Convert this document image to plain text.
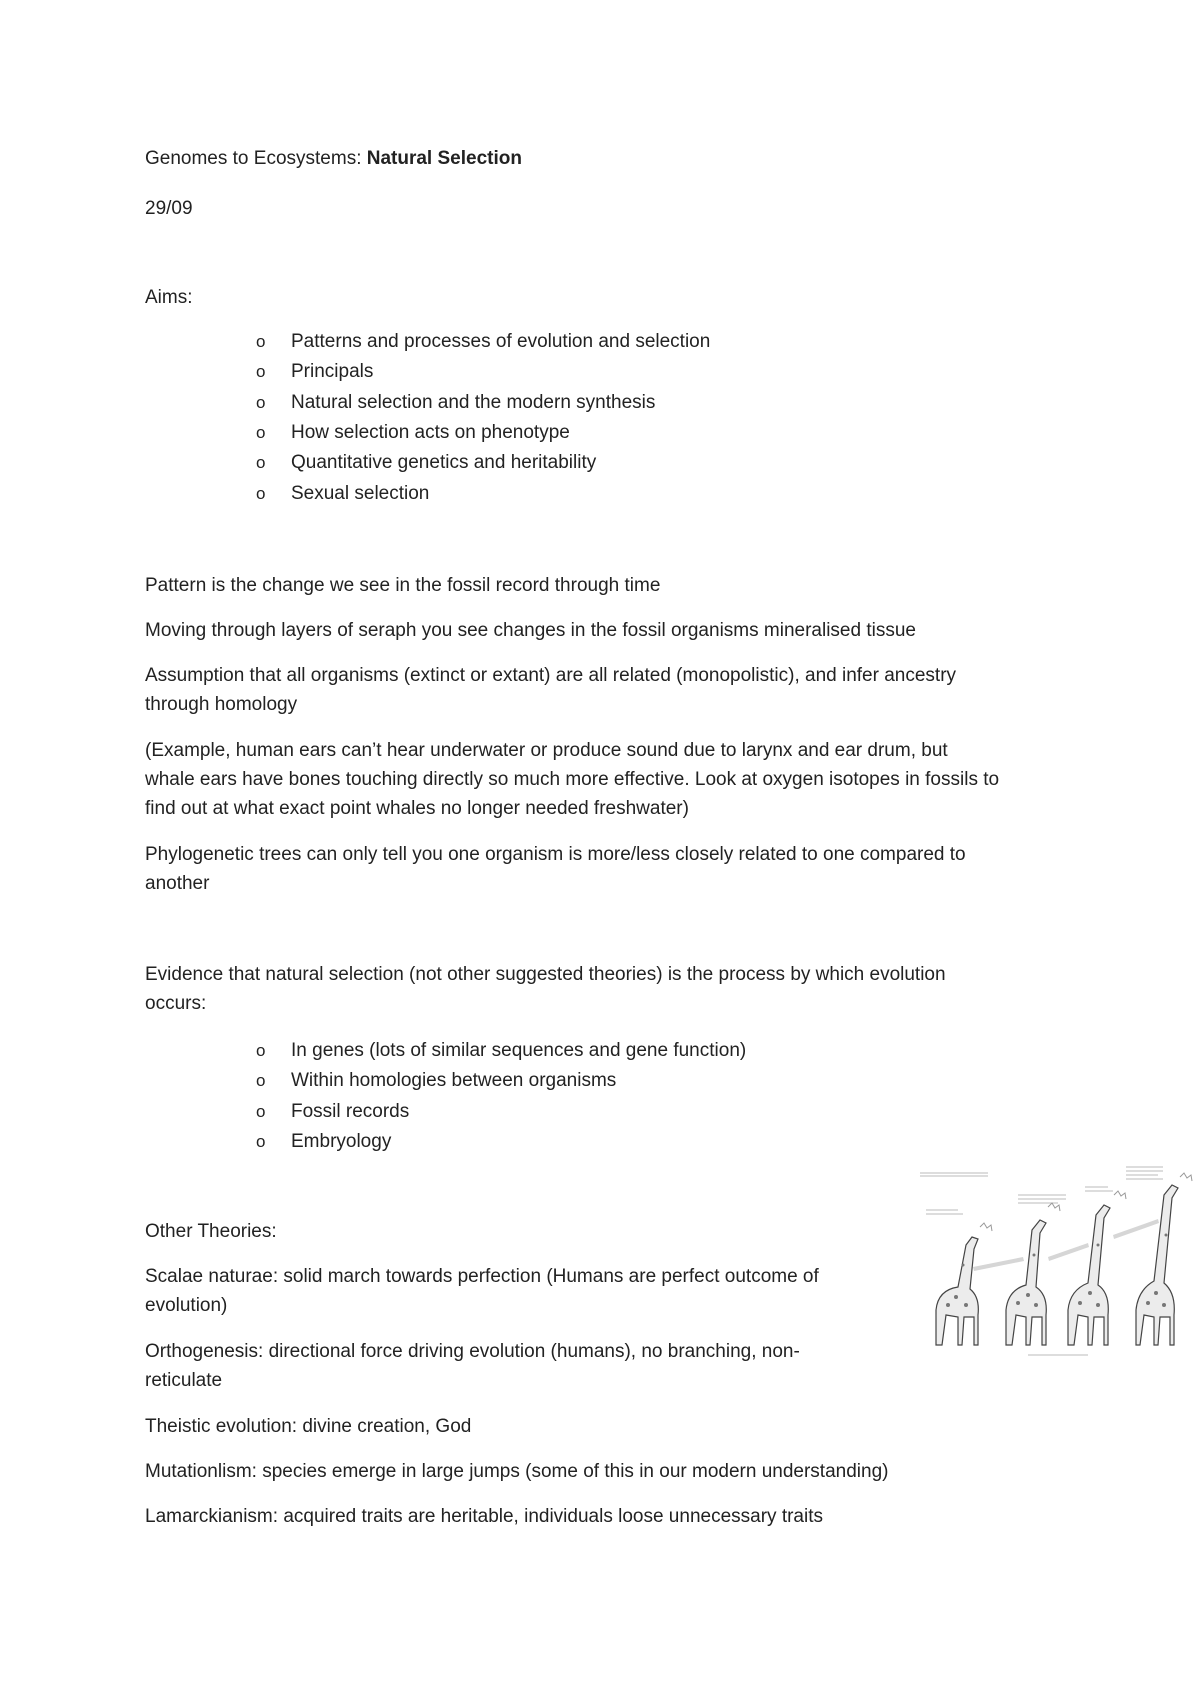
Genomes to Ecosystems: Natural Selection
29/09
Aims:
o Patterns and processes of evolution and selection
o Principals
o Natural selection and the modern synthesis
o How selection acts on phenotype
o Quantitative genetics and heritability
o Sexual selection
Pattern is the change we see in the fossil record through time
Moving through layers of seraph you see changes in the fossil organisms mineralised tissue
Assumption that all organisms (extinct or extant) are all related (monopolistic), and infer ancestry
through homology
(Example, human ears can’t hear underwater or produce sound due to larynx and ear drum, but
whale ears have bones touching directly so much more effective. Look at oxygen isotopes in fossils to
find out at what exact point whales no longer needed freshwater)
Phylogenetic trees can only tell you one organism is more/less closely related to one compared to
another
Evidence that natural selection (not other suggested theories) is the process by which evolution
occurs:
o In genes (lots of similar sequences and gene function)
o Within homologies between organisms
o Fossil records
o Embryology
Other Theories:
Scalae naturae: solid march towards perfection (Humans are perfect outcome of
evolution)
Orthogenesis: directional force driving evolution (humans), no branching, non-
reticulate
Theistic evolution: divine creation, God
Mutationlism: species emerge in large jumps (some of this in our modern understanding)
Lamarckianism: acquired traits are heritable, individuals loose unnecessary traits
